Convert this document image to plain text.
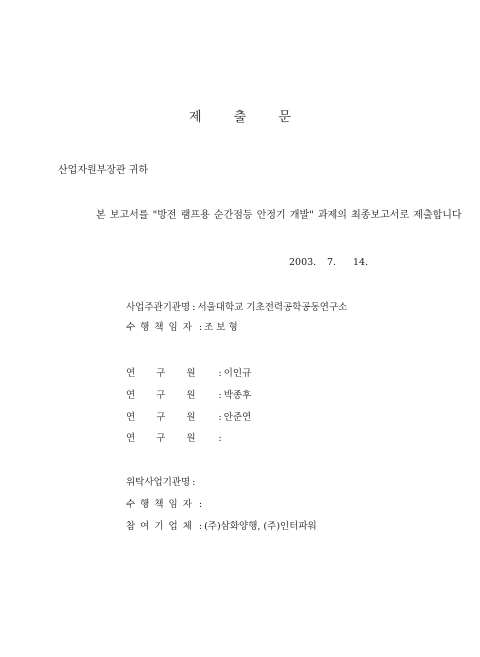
제 출 문
산업자원부장관 귀하
본 보고서를 "방전 램프용 순간점등 안정기 개발" 과제의 최종보고서로 제출합니다
2003. 7. 14.
사업주관기관명 : 서울대학교 기초전력공학공동연구소
수행책임자 : 조 보 형
연구원 : 이인규
연구원 : 박종후
연구원 : 안준연
연구원 :
위탁사업기관명 :
수행책임자 :
참여기업체 : (주)삼화양행, (주)인터파워
